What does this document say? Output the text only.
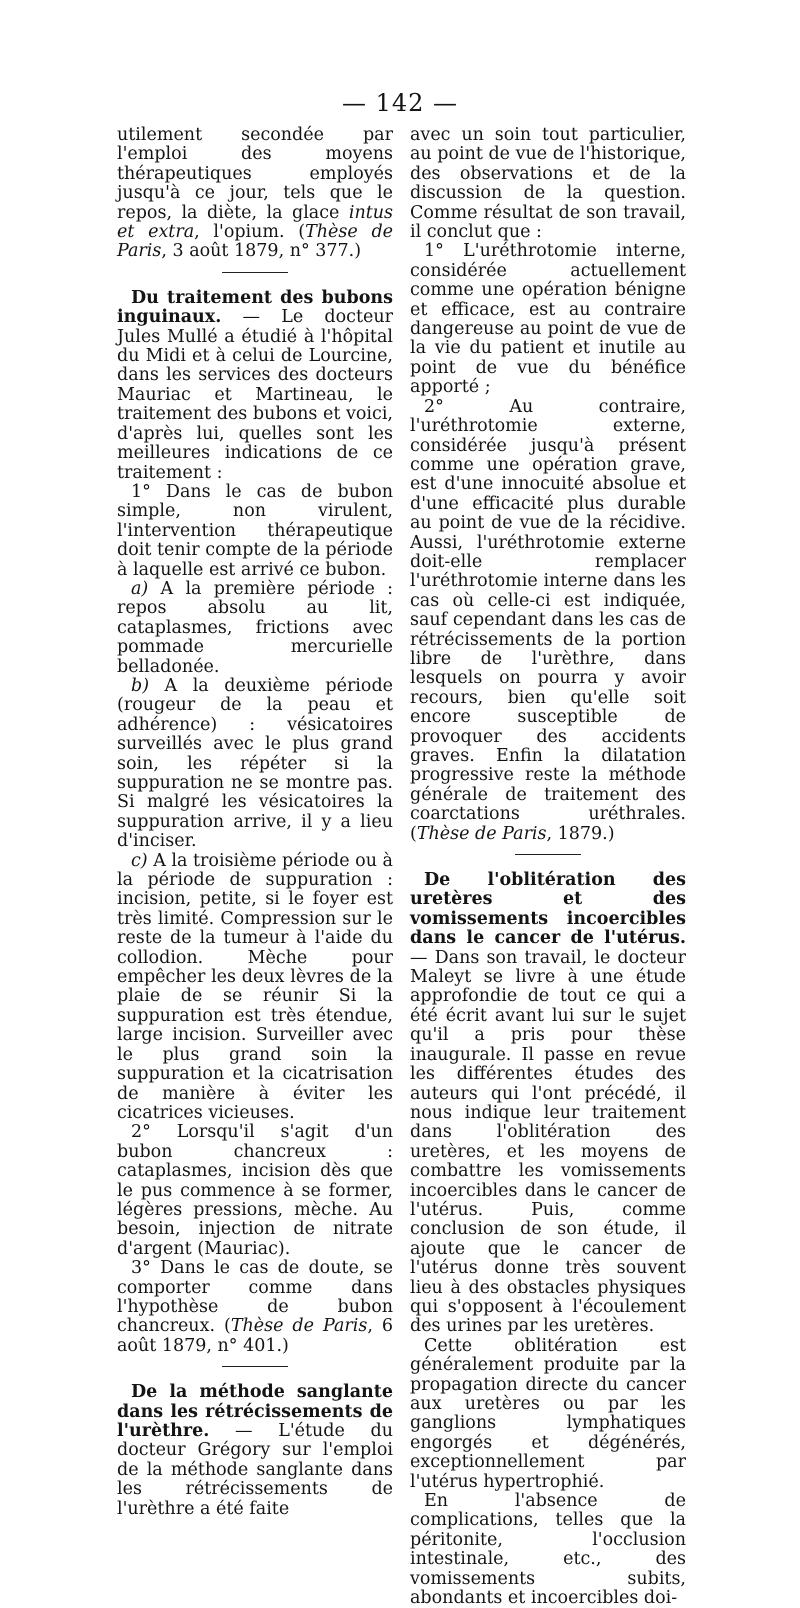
— 142 —

utilement secondée par l'emploi des moyens thérapeutiques employés jusqu'à ce jour, tels que le repos, la diète, la glace intus et extra, l'opium. (Thèse de Paris, 3 août 1879, n° 377.)

Du traitement des bubons inguinaux. — Le docteur Jules Mullé a étudié à l'hôpital du Midi et à celui de Lourcine, dans les services des docteurs Mauriac et Martineau, le traitement des bubons et voici, d'après lui, quelles sont les meilleures indications de ce traitement :

1° Dans le cas de bubon simple, non virulent, l'intervention thérapeutique doit tenir compte de la période à laquelle est arrivé ce bubon.

a) A la première période : repos absolu au lit, cataplasmes, frictions avec pommade mercurielle belladonée.

b) A la deuxième période (rougeur de la peau et adhérence) : vésicatoires surveillés avec le plus grand soin, les répéter si la suppuration ne se montre pas. Si malgré les vésicatoires la suppuration arrive, il y a lieu d'inciser.

c) A la troisième période ou à la période de suppuration : incision, petite, si le foyer est très limité. Compression sur le reste de la tumeur à l'aide du collodion. Mèche pour empêcher les deux lèvres de la plaie de se réunir Si la suppuration est très étendue, large incision. Surveiller avec le plus grand soin la suppuration et la cicatrisation de manière à éviter les cicatrices vicieuses.

2° Lorsqu'il s'agit d'un bubon chancreux : cataplasmes, incision dès que le pus commence à se former, légères pressions, mèche. Au besoin, injection de nitrate d'argent (Mauriac).

3° Dans le cas de doute, se comporter comme dans l'hypothèse de bubon chancreux. (Thèse de Paris, 6 août 1879, n° 401.)

De la méthode sanglante dans les rétrécissements de l'urèthre. — L'étude du docteur Grégory sur l'emploi de la méthode sanglante dans les rétrécissements de l'urèthre a été faite

avec un soin tout particulier, au point de vue de l'historique, des observations et de la discussion de la question. Comme résultat de son travail, il conclut que :

1° L'uréthrotomie interne, considérée actuellement comme une opération bénigne et efficace, est au contraire dangereuse au point de vue de la vie du patient et inutile au point de vue du bénéfice apporté ;

2° Au contraire, l'uréthrotomie externe, considérée jusqu'à présent comme une opération grave, est d'une innocuité absolue et d'une efficacité plus durable au point de vue de la récidive. Aussi, l'uréthrotomie externe doit-elle remplacer l'uréthrotomie interne dans les cas où celle-ci est indiquée, sauf cependant dans les cas de rétrécissements de la portion libre de l'urèthre, dans lesquels on pourra y avoir recours, bien qu'elle soit encore susceptible de provoquer des accidents graves. Enfin la dilatation progressive reste la méthode générale de traitement des coarctations uréthrales. (Thèse de Paris, 1879.)

De l'oblitération des uretères et des vomissements incoercibles dans le cancer de l'utérus. — Dans son travail, le docteur Maleyt se livre à une étude approfondie de tout ce qui a été écrit avant lui sur le sujet qu'il a pris pour thèse inaugurale. Il passe en revue les différentes études des auteurs qui l'ont précédé, il nous indique leur traitement dans l'oblitération des uretères, et les moyens de combattre les vomissements incoercibles dans le cancer de l'utérus. Puis, comme conclusion de son étude, il ajoute que le cancer de l'utérus donne très souvent lieu à des obstacles physiques qui s'opposent à l'écoulement des urines par les uretères.

Cette oblitération est généralement produite par la propagation directe du cancer aux uretères ou par les ganglions lymphatiques engorgés et dégénérés, exceptionnellement par l'utérus hypertrophié.

En l'absence de complications, telles que la péritonite, l'occlusion intestinale, etc., des vomissements subits, abondants et incoercibles doi-
